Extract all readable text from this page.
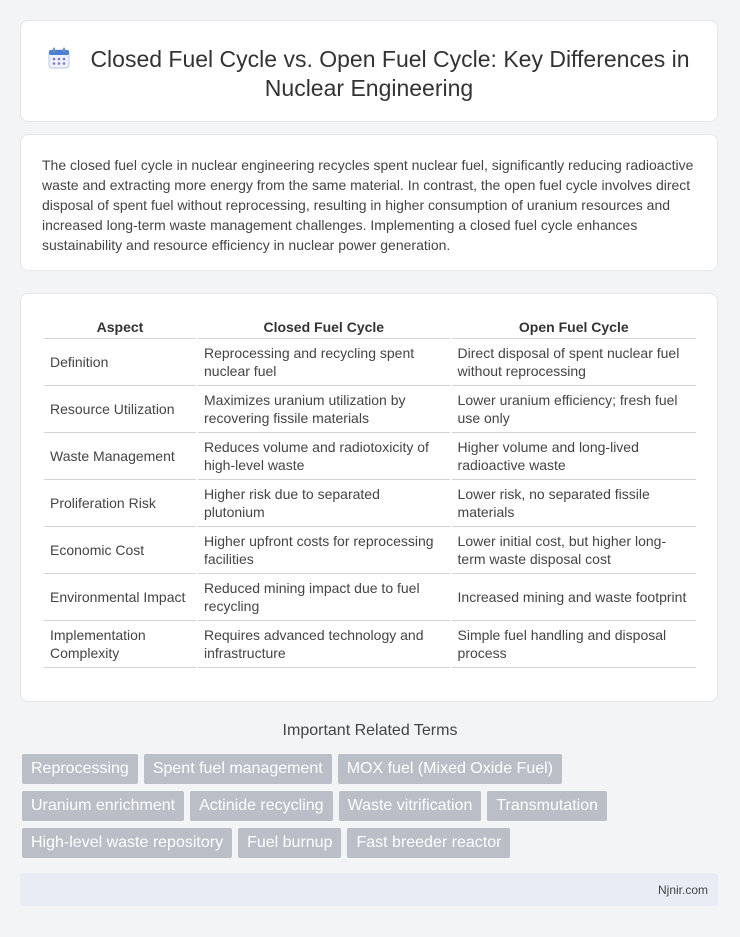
Closed Fuel Cycle vs. Open Fuel Cycle: Key Differences in Nuclear Engineering

The closed fuel cycle in nuclear engineering recycles spent nuclear fuel, significantly reducing radioactive waste and extracting more energy from the same material. In contrast, the open fuel cycle involves direct disposal of spent fuel without reprocessing, resulting in higher consumption of uranium resources and increased long-term waste management challenges. Implementing a closed fuel cycle enhances sustainability and resource efficiency in nuclear power generation.

Aspect	Closed Fuel Cycle	Open Fuel Cycle
Definition	Reprocessing and recycling spent nuclear fuel	Direct disposal of spent nuclear fuel without reprocessing
Resource Utilization	Maximizes uranium utilization by recovering fissile materials	Lower uranium efficiency; fresh fuel use only
Waste Management	Reduces volume and radiotoxicity of high-level waste	Higher volume and long-lived radioactive waste
Proliferation Risk	Higher risk due to separated plutonium	Lower risk, no separated fissile materials
Economic Cost	Higher upfront costs for reprocessing facilities	Lower initial cost, but higher long-term waste disposal cost
Environmental Impact	Reduced mining impact due to fuel recycling	Increased mining and waste footprint
Implementation Complexity	Requires advanced technology and infrastructure	Simple fuel handling and disposal process
Important Related Terms
Reprocessing	Spent fuel management	MOX fuel (Mixed Oxide Fuel)
Uranium enrichment	Actinide recycling	Waste vitrification	Transmutation
High-level waste repository	Fuel burnup	Fast breeder reactor
Njnir.com
